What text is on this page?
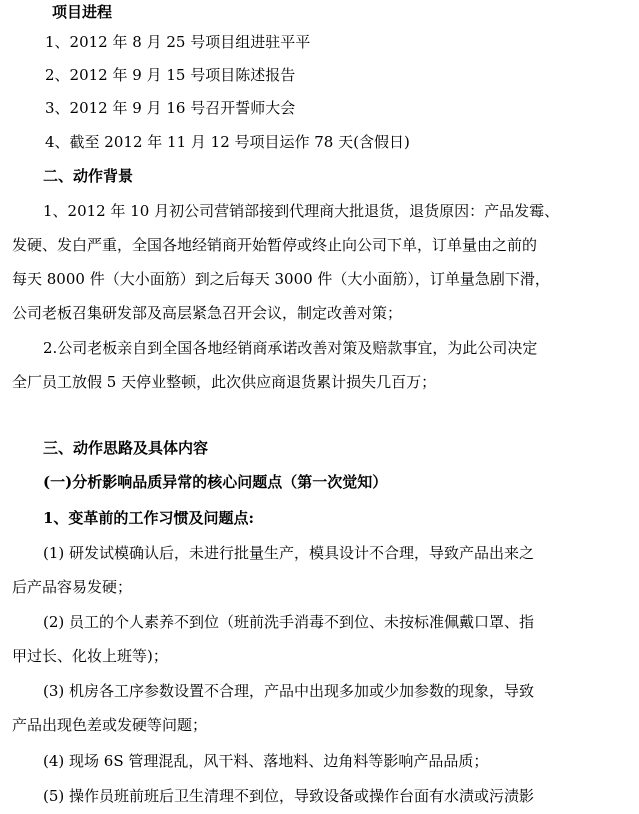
项目进程
1、2012 年 8 月 25 号项目组进驻平平
2、2012 年 9 月 15 号项目陈述报告
3、2012 年 9 月 16 号召开誓师大会
4、截至 2012 年 11 月 12 号项目运作 78 天(含假日)
二、动作背景
1、2012 年 10 月初公司营销部接到代理商大批退货，退货原因：产品发霉、
发硬、发白严重，全国各地经销商开始暂停或终止向公司下单，订单量由之前的
每天 8000 件（大小面筋）到之后每天 3000 件（大小面筋），订单量急剧下滑，
公司老板召集研发部及高层紧急召开会议，制定改善对策；
2.公司老板亲自到全国各地经销商承诺改善对策及赔款事宜，为此公司决定
全厂员工放假 5 天停业整顿，此次供应商退货累计损失几百万；
三、动作思路及具体内容
(一)分析影响品质异常的核心问题点（第一次觉知）
1、变革前的工作习惯及问题点:
(1) 研发试模确认后，未进行批量生产，模具设计不合理，导致产品出来之
后产品容易发硬；
(2) 员工的个人素养不到位（班前洗手消毒不到位、未按标准佩戴口罩、指
甲过长、化妆上班等)；
(3) 机房各工序参数设置不合理，产品中出现多加或少加参数的现象，导致
产品出现色差或发硬等问题；
(4) 现场 6S 管理混乱，风干料、落地料、边角料等影响产品品质；
(5) 操作员班前班后卫生清理不到位，导致设备或操作台面有水渍或污渍影
